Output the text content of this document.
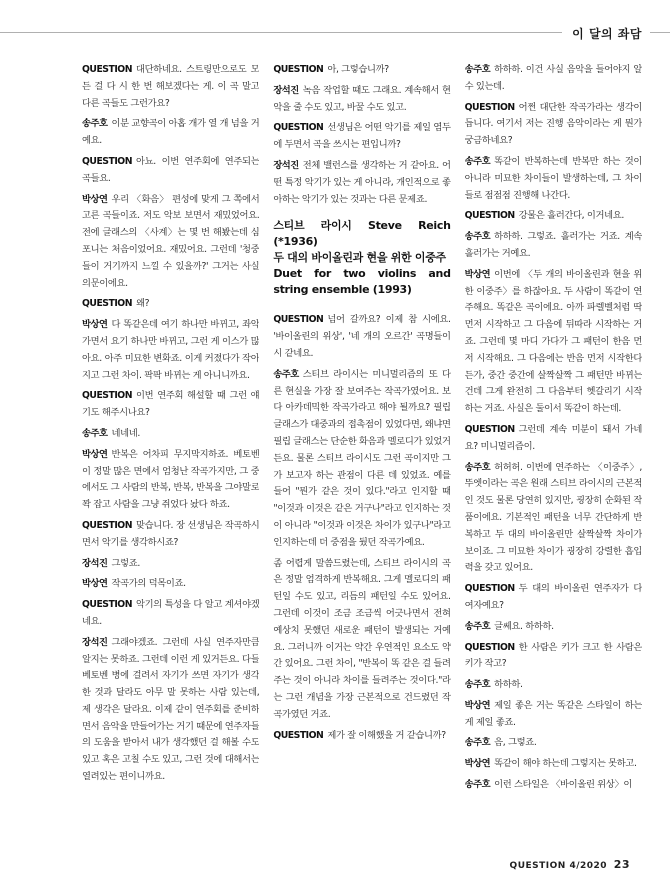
이 달의 좌담

QUESTION 대단하네요. 스트링만으로도 모든 걸 다 시 한 번 해보겠다는 게. 이 곡 말고 다른 곡들도 그런가요?

송주호 이분 교향곡이 아홉 개가 열 개 넘을 거예요.

QUESTION 아뇨. 이번 연주회에 연주되는 곡들요.

박상연 우리 〈화음〉 편성에 맞게 그 쪽에서 고른 곡들이죠. 저도 악보 보면서 재밌었어요. 전에 글래스의 〈사계〉는 몇 번 해봤는데 심포니는 처음이었어요. 재밌어요. 그런데 '청중들이 거기까지 느낄 수 있을까?' 그거는 사실 의문이에요.

QUESTION 왜?

박상연 다 똑같은데 여기 하나만 바뀌고, 좌악 가면서 요기 하나만 바뀌고, 그런 게 이스가 많아요. 아주 미묘한 변화죠. 이게 커졌다가 작아지고 그런 차이. 팍팍 바뀌는 게 아니니까요.

QUESTION 이번 연주회 해설할 때 그런 얘기도 해주시나요?

송주호 네네네.

박상연 반복은 어차피 무지막지하죠. 베토벤이 정말 많은 면에서 엄청난 작곡가지만, 그 중에서도 그 사람의 반복, 반복, 반복을 그야말로 꽉 잡고 사람을 그냥 쥐었다 놨다 하죠.

QUESTION 맞습니다. 장 선생님은 작곡하시면서 악기를 생각하시죠?

장석진 그렇죠.

박상연 작곡가의 덕목이죠.

QUESTION 악기의 특성을 다 알고 계셔야겠네요.

장석진 그래야겠죠. 그런데 사실 연주자만큼 알지는 못하죠. 그런데 이런 게 있거든요. 다들 베토벤 병에 걸려서 자기가 쓰면 자기가 생각한 것과 달라도 아무 말 못하는 사람 있는데, 제 생각은 달라요. 이제 같이 연주회를 준비하면서 음악을 만들어가는 거기 때문에 연주자들의 도움을 받아서 내가 생각했던 걸 해볼 수도 있고 혹은 고칠 수도 있고, 그런 것에 대해서는 열려있는 편이니까요.

QUESTION 아, 그렇습니까?

장석진 녹음 작업할 때도 그래요. 계속해서 현악을 줄 수도 있고, 바꿀 수도 있고.

QUESTION 선생님은 어떤 악기를 제일 염두에 두면서 곡을 쓰시는 편입니까?

장석진 전체 밸런스를 생각하는 거 같아요. 어떤 특정 악기가 있는 게 아니라, 개인적으로 좋아하는 악기가 있는 것과는 다른 문제죠.

스티브 라이시 Steve Reich (*1936)
두 대의 바이올린과 현을 위한 이중주
Duet for two violins and string ensemble (1993)

QUESTION 넘어 갈까요? 이제 참 시에요. '바이올린의 위상', '네 개의 오르간' 곡명들이 시 같네요.

송주호 스티브 라이시는 미니멀리즘의 또 다른 현실을 가장 잘 보여주는 작곡가였어요. 보다 아카데믹한 작곡가라고 해야 될까요? 필립 글래스가 대중과의 접촉점이 있었다면, 왜냐면 필립 글래스는 단순한 화음과 멜로디가 있었거든요. 물론 스티브 라이시도 그런 곡이지만 그가 보고자 하는 관점이 다른 데 있었죠. 예를 들어 "뭔가 같은 것이 있다."라고 인지할 때 "이것과 이것은 같은 거구나"라고 인지하는 것이 아니라 "이것과 이것은 차이가 있구나"라고 인지하는데 더 중점을 뒀던 작곡가예요.

좀 어렵게 말씀드렸는데, 스티브 라이시의 곡은 정말 엄격하게 반복해요. 그게 멜로디의 패턴일 수도 있고, 리듬의 패턴일 수도 있어요. 그런데 이것이 조금 조금씩 어긋나면서 전혀 예상치 못했던 새로운 패턴이 발생되는 거예요. 그러니까 이거는 약간 우연적인 요소도 약간 있어요. 그런 차이, "반복이 똑 같은 걸 들려주는 것이 아니라 차이를 들려주는 것이다."라는 그런 개념을 가장 근본적으로 건드렸던 작곡가였던 거죠.

QUESTION 제가 잘 이해했을 거 같습니까?

송주호 하하하. 이건 사실 음악을 들어야지 알 수 있는데.

QUESTION 어쩐 대단한 작곡가라는 생각이 듭니다. 여기서 저는 진행 음악이라는 게 뭔가 궁금하네요?

송주호 똑같이 반복하는데 반복만 하는 것이 아니라 미묘한 차이들이 발생하는데, 그 차이들로 점점점 진행해 나간다.

QUESTION 강물은 흘러간다, 이거네요.

송주호 하하하. 그렇죠. 흘러가는 거죠. 계속 흘러가는 거예요.

박상연 이번에 〈두 개의 바이올린과 현을 위한 이중주〉를 하잖아요. 두 사람이 똑같이 연주해요. 똑같은 곡이에요. 아까 파렐벨처럼 딱 먼저 시작하고 그 다음에 뒤따라 시작하는 거죠. 그런데 몇 마디 가다가 그 패턴이 한음 먼저 시작해요. 그 다음에는 반음 먼저 시작한다든가, 중간 중간에 살짝살짝 그 패턴만 바뀌는 건데 그게 완전히 그 다음부터 헷갈리기 시작하는 거죠. 사실은 둘이서 똑같이 하는데.

QUESTION 그런데 계속 미분이 돼서 가네요? 미니멀리즘이.

송주호 허허허. 이번에 연주하는 〈이중주〉, 뚜엣이라는 곡은 원래 스티브 라이시의 근본적인 것도 물론 당연히 있지만, 굉장히 순화된 작품이에요. 기본적인 패턴을 너무 간단하게 반복하고 두 대의 바이올린만 살짝살짝 차이가 보이죠. 그 미묘한 차이가 굉장히 강렬한 흡입력을 갖고 있어요.

QUESTION 두 대의 바이올린 연주자가 다 여자예요?

송주호 글쎄요. 하하하.

QUESTION 한 사람은 키가 크고 한 사람은 키가 작고?

송주호 하하하.

박상연 제일 좋은 거는 똑같은 스타일이 하는 게 제일 좋죠.

송주호 음, 그렇죠.

박상연 똑같이 해야 하는데 그렇지는 못하고.

송주호 이런 스타일은 〈바이올린 위상〉이

QUESTION 4/2020 23
